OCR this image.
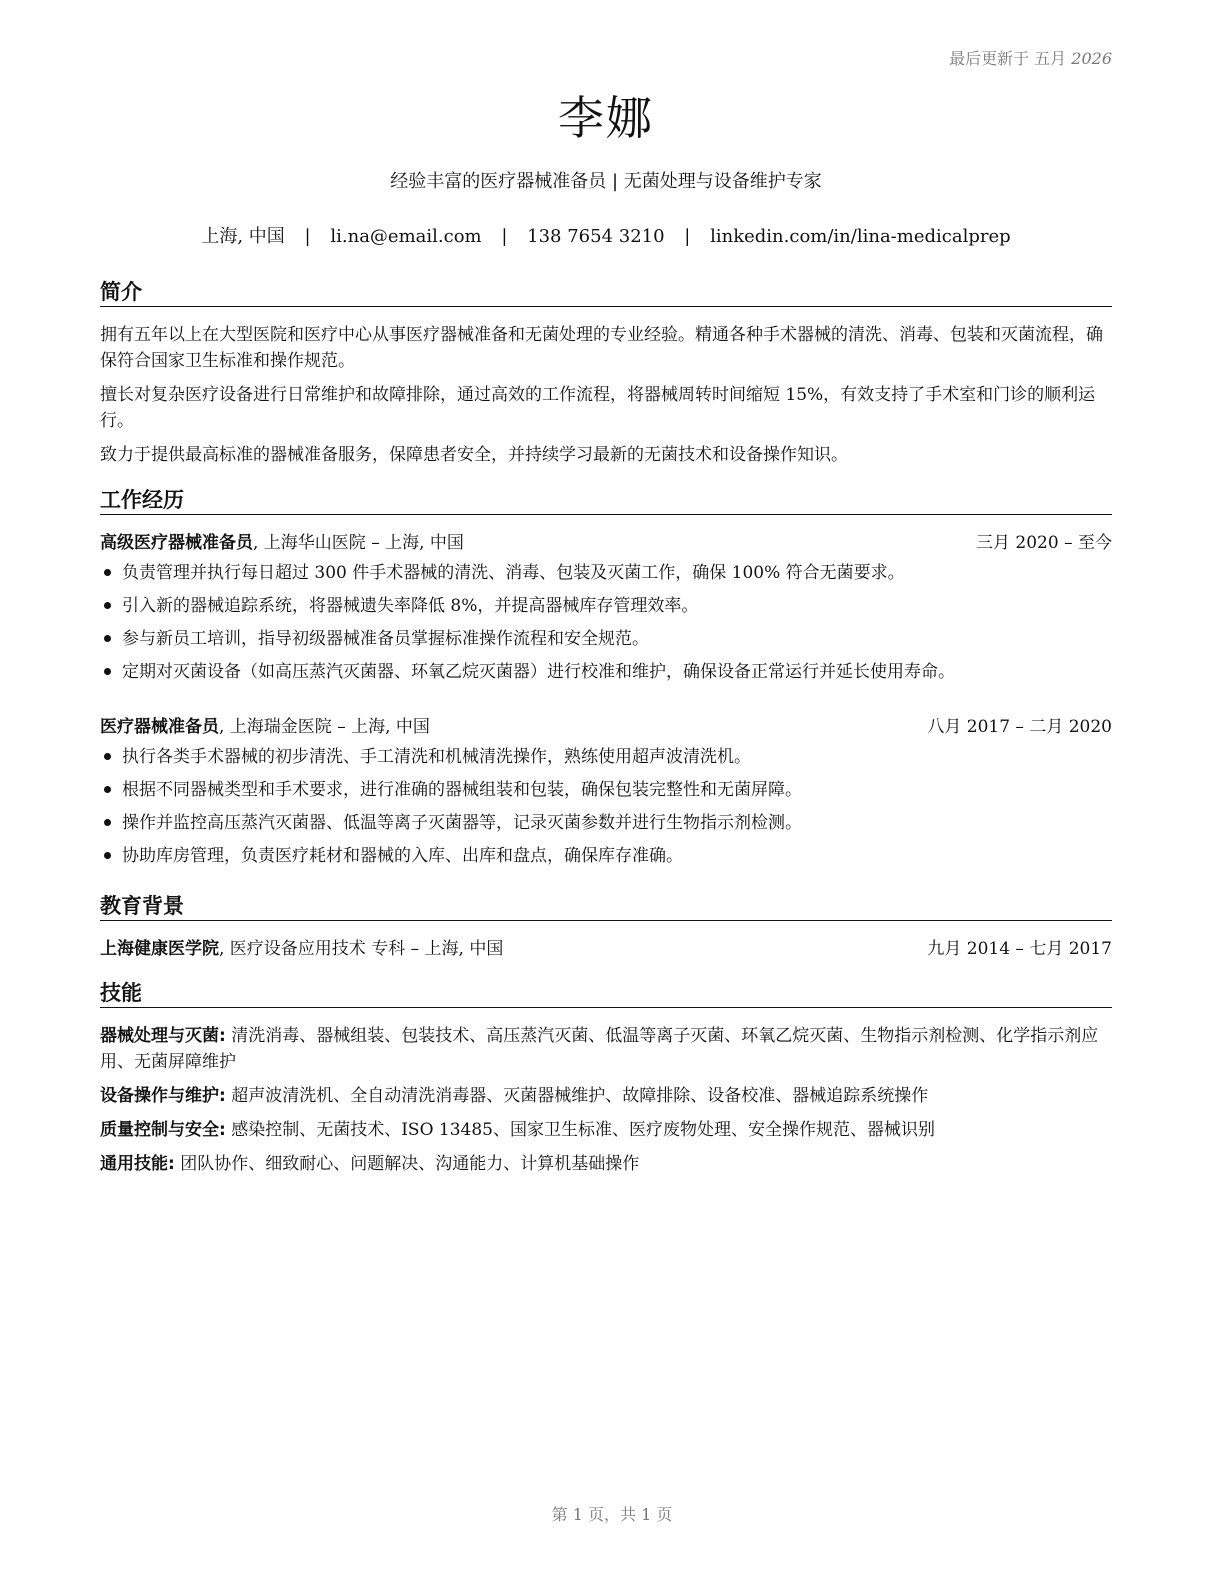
最后更新于 五月 2026
李娜
经验丰富的医疗器械准备员 | 无菌处理与设备维护专家
上海, 中国 | li.na@email.com | 138 7654 3210 | linkedin.com/in/lina-medicalprep
简介

拥有五年以上在大型医院和医疗中心从事医疗器械准备和无菌处理的专业经验。精通各种手术器械的清洗、消毒、包装和灭菌流程，确保符合国家卫生标准和操作规范。

擅长对复杂医疗设备进行日常维护和故障排除，通过高效的工作流程，将器械周转时间缩短 15%，有效支持了手术室和门诊的顺利运行。

致力于提供最高标准的器械准备服务，保障患者安全，并持续学习最新的无菌技术和设备操作知识。

工作经历
高级医疗器械准备员, 上海华山医院 – 上海, 中国	三月 2020 – 至今
负责管理并执行每日超过 300 件手术器械的清洗、消毒、包装及灭菌工作，确保 100% 符合无菌要求。
引入新的器械追踪系统，将器械遗失率降低 8%，并提高器械库存管理效率。
参与新员工培训，指导初级器械准备员掌握标准操作流程和安全规范。
定期对灭菌设备（如高压蒸汽灭菌器、环氧乙烷灭菌器）进行校准和维护，确保设备正常运行并延长使用寿命。
医疗器械准备员, 上海瑞金医院 – 上海, 中国	八月 2017 – 二月 2020
执行各类手术器械的初步清洗、手工清洗和机械清洗操作，熟练使用超声波清洗机。
根据不同器械类型和手术要求，进行准确的器械组装和包装，确保包装完整性和无菌屏障。
操作并监控高压蒸汽灭菌器、低温等离子灭菌器等，记录灭菌参数并进行生物指示剂检测。
协助库房管理，负责医疗耗材和器械的入库、出库和盘点，确保库存准确。
教育背景
上海健康医学院, 医疗设备应用技术 专科 – 上海, 中国	九月 2014 – 七月 2017
技能
器械处理与灭菌: 清洗消毒、器械组装、包装技术、高压蒸汽灭菌、低温等离子灭菌、环氧乙烷灭菌、生物指示剂检测、化学指示剂应用、无菌屏障维护
设备操作与维护: 超声波清洗机、全自动清洗消毒器、灭菌器械维护、故障排除、设备校准、器械追踪系统操作
质量控制与安全: 感染控制、无菌技术、ISO 13485、国家卫生标准、医疗废物处理、安全操作规范、器械识别
通用技能: 团队协作、细致耐心、问题解决、沟通能力、计算机基础操作
第 1 页，共 1 页
